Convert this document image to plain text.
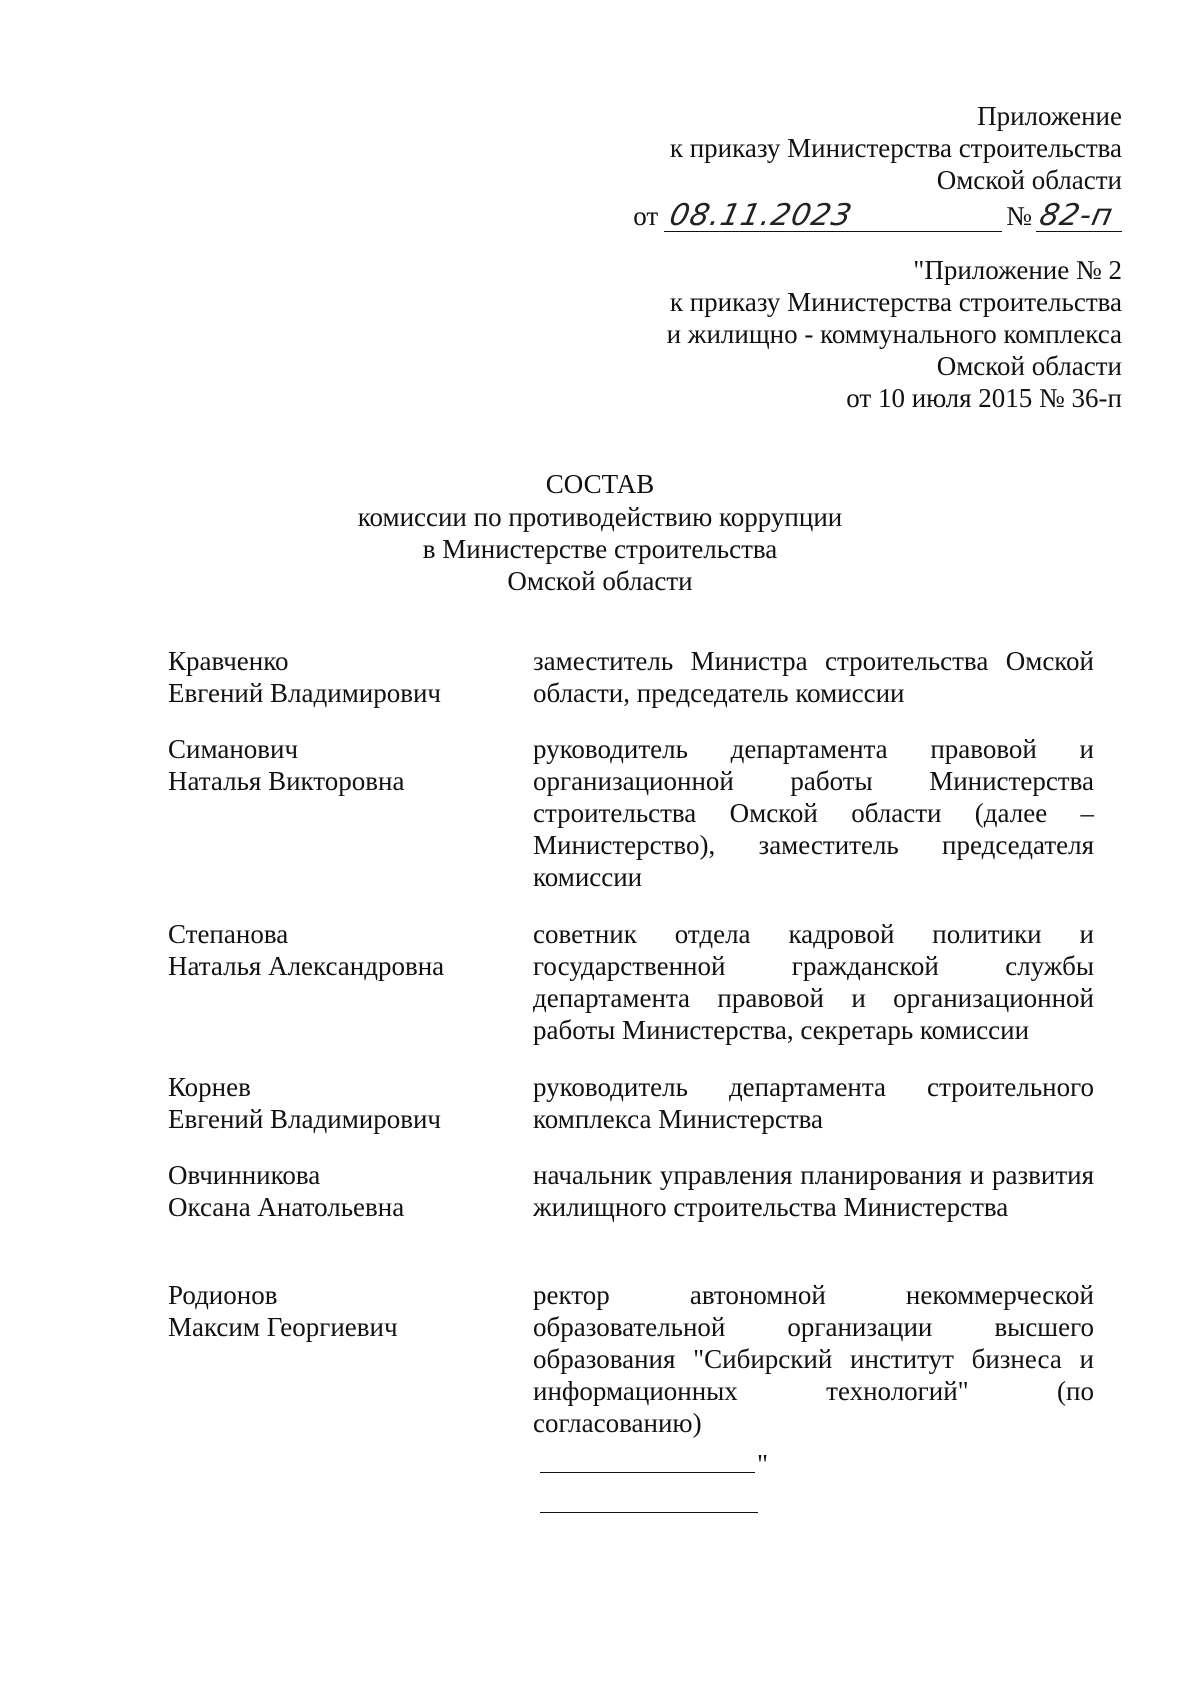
Приложение
к приказу Министерства строительства
Омской области
от 08.11.2023	№ 82-п
"Приложение № 2
к приказу Министерства строительства
и жилищно - коммунального комплекса
Омской области
от 10 июля 2015 № 36-п
СОСТАВ
комиссии по противодействию коррупции
в Министерстве строительства
Омской области
Кравченко
Евгений Владимирович
заместитель Министра строительства Омской области, председатель комиссии
Симанович
Наталья Викторовна
руководитель департамента правовой и организационной работы Министерства строительства Омской области (далее – Министерство), заместитель председателя комиссии
Степанова
Наталья Александровна
советник отдела кадровой политики и государственной гражданской службы департамента правовой и организационной работы Министерства, секретарь комиссии
Корнев
Евгений Владимирович
руководитель департамента строительного комплекса Министерства
Овчинникова
Оксана Анатольевна
начальник управления планирования и развития жилищного строительства Министерства
Родионов
Максим Георгиевич
ректор автономной некоммерческой образовательной организации высшего образования "Сибирский институт бизнеса и информационных технологий" (по согласованию)
"
